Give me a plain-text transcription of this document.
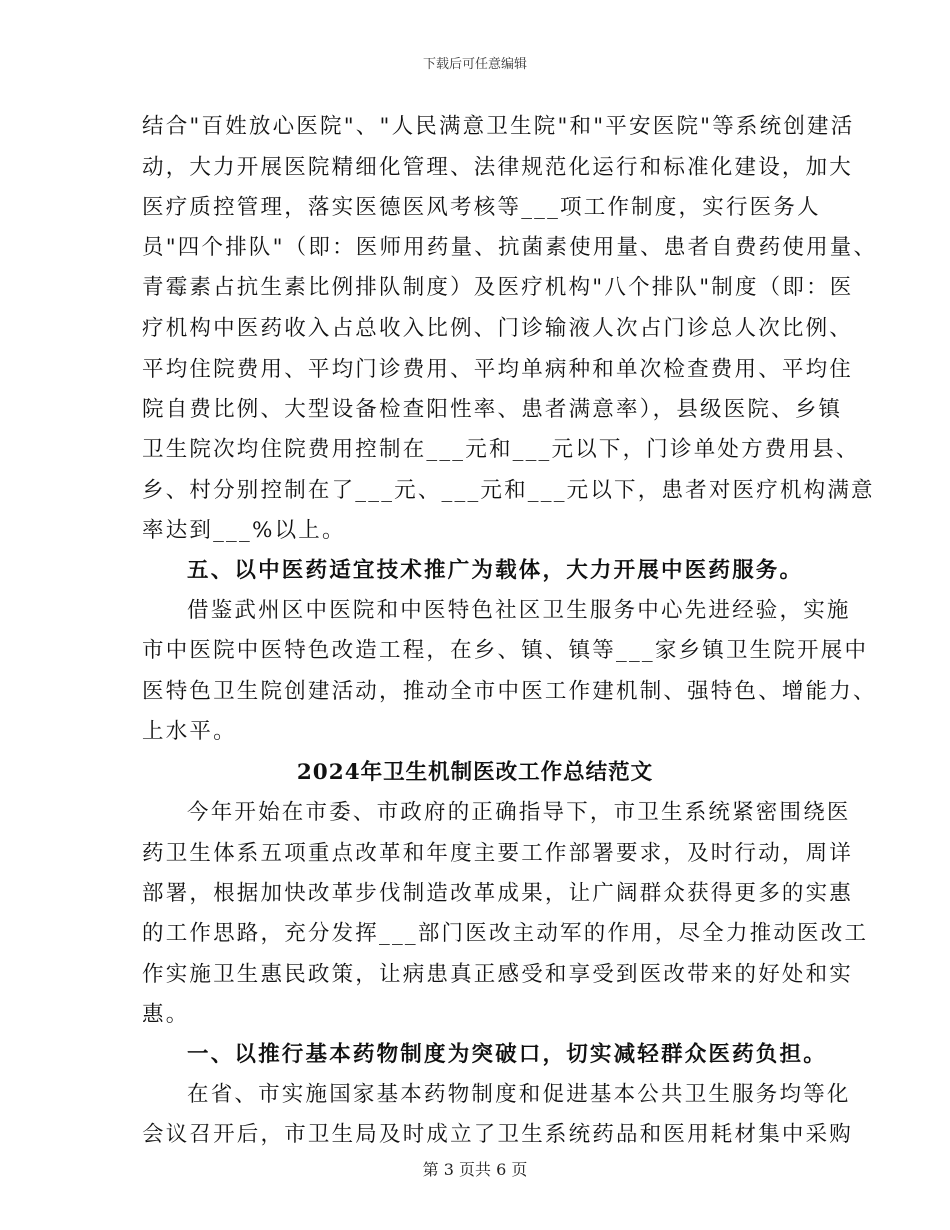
下载后可任意编辑
结合"百姓放心医院"、"人民满意卫生院"和"平安医院"等系统创建活
动，大力开展医院精细化管理、法律规范化运行和标准化建设，加大
医疗质控管理，落实医德医风考核等___项工作制度，实行医务人
员"四个排队"（即：医师用药量、抗菌素使用量、患者自费药使用量、
青霉素占抗生素比例排队制度）及医疗机构"八个排队"制度（即：医
疗机构中医药收入占总收入比例、门诊输液人次占门诊总人次比例、
平均住院费用、平均门诊费用、平均单病种和单次检查费用、平均住
院自费比例、大型设备检查阳性率、患者满意率），县级医院、乡镇
卫生院次均住院费用控制在___元和___元以下，门诊单处方费用县、
乡、村分别控制在了___元、___元和___元以下，患者对医疗机构满意
率达到___%以上。
五、以中医药适宜技术推广为载体，大力开展中医药服务。
借鉴武州区中医院和中医特色社区卫生服务中心先进经验，实施
市中医院中医特色改造工程，在乡、镇、镇等___家乡镇卫生院开展中
医特色卫生院创建活动，推动全市中医工作建机制、强特色、增能力、
上水平。
2024年卫生机制医改工作总结范文
今年开始在市委、市政府的正确指导下，市卫生系统紧密围绕医
药卫生体系五项重点改革和年度主要工作部署要求，及时行动，周详
部署，根据加快改革步伐制造改革成果，让广阔群众获得更多的实惠
的工作思路，充分发挥___部门医改主动军的作用，尽全力推动医改工
作实施卫生惠民政策，让病患真正感受和享受到医改带来的好处和实
惠。
一、以推行基本药物制度为突破口，切实减轻群众医药负担。
在省、市实施国家基本药物制度和促进基本公共卫生服务均等化
会议召开后，市卫生局及时成立了卫生系统药品和医用耗材集中采购
第 3 页共 6 页
